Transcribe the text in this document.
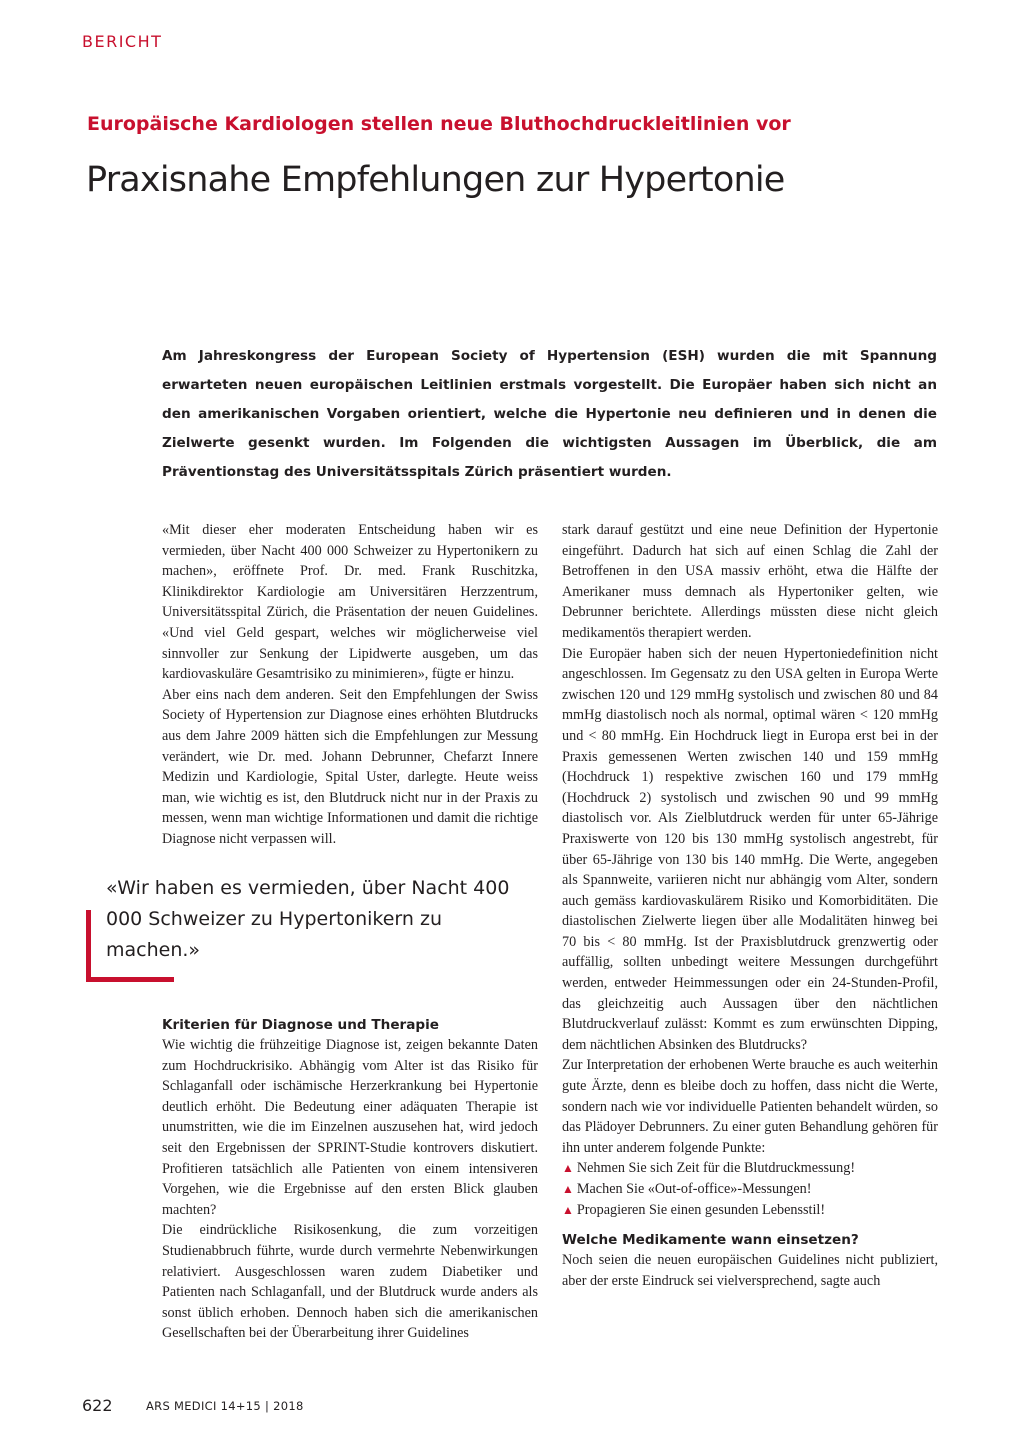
BERICHT
Europäische Kardiologen stellen neue Bluthochdruckleitlinien vor
Praxisnahe Empfehlungen zur Hypertonie

Am Jahreskongress der European Society of Hypertension (ESH) wurden die mit Spannung erwarteten neuen europäischen Leitlinien erstmals vorgestellt. Die Europäer haben sich nicht an den amerikanischen Vorgaben orientiert, welche die Hypertonie neu definieren und in denen die Zielwerte gesenkt wurden. Im Folgenden die wichtigsten Aussagen im Überblick, die am Präventionstag des Universitätsspitals Zürich präsentiert wurden.

«Mit dieser eher moderaten Entscheidung haben wir es vermieden, über Nacht 400 000 Schweizer zu Hypertonikern zu machen», eröffnete Prof. Dr. med. Frank Ruschitzka, Klinikdirektor Kardiologie am Universitären Herzzentrum, Universitätsspital Zürich, die Präsentation der neuen Guidelines. «Und viel Geld gespart, welches wir möglicherweise viel sinnvoller zur Senkung der Lipidwerte ausgeben, um das kardiovaskuläre Gesamtrisiko zu minimieren», fügte er hinzu.

Aber eins nach dem anderen. Seit den Empfehlungen der Swiss Society of Hypertension zur Diagnose eines erhöhten Blutdrucks aus dem Jahre 2009 hätten sich die Empfehlungen zur Messung verändert, wie Dr. med. Johann Debrunner, Chefarzt Innere Medizin und Kardiologie, Spital Uster, darlegte. Heute weiss man, wie wichtig es ist, den Blutdruck nicht nur in der Praxis zu messen, wenn man wichtige Informationen und damit die richtige Diagnose nicht verpassen will.

«Wir haben es vermieden, über Nacht 400 000 Schweizer zu Hypertonikern zu machen.»

Kriterien für Diagnose und Therapie

Wie wichtig die frühzeitige Diagnose ist, zeigen bekannte Daten zum Hochdruckrisiko. Abhängig vom Alter ist das Risiko für Schlaganfall oder ischämische Herzerkrankung bei Hypertonie deutlich erhöht. Die Bedeutung einer adäquaten Therapie ist unumstritten, wie die im Einzelnen auszusehen hat, wird jedoch seit den Ergebnissen der SPRINT-Studie kontrovers diskutiert. Profitieren tatsächlich alle Patienten von einem intensiveren Vorgehen, wie die Ergebnisse auf den ersten Blick glauben machten?

Die eindrückliche Risikosenkung, die zum vorzeitigen Studienabbruch führte, wurde durch vermehrte Nebenwirkungen relativiert. Ausgeschlossen waren zudem Diabetiker und Patienten nach Schlaganfall, und der Blutdruck wurde anders als sonst üblich erhoben. Dennoch haben sich die amerikanischen Gesellschaften bei der Überarbeitung ihrer Guidelines

stark darauf gestützt und eine neue Definition der Hypertonie eingeführt. Dadurch hat sich auf einen Schlag die Zahl der Betroffenen in den USA massiv erhöht, etwa die Hälfte der Amerikaner muss demnach als Hypertoniker gelten, wie Debrunner berichtete. Allerdings müssten diese nicht gleich medikamentös therapiert werden.

Die Europäer haben sich der neuen Hypertoniedefinition nicht angeschlossen. Im Gegensatz zu den USA gelten in Europa Werte zwischen 120 und 129 mmHg systolisch und zwischen 80 und 84 mmHg diastolisch noch als normal, optimal wären < 120 mmHg und < 80 mmHg. Ein Hochdruck liegt in Europa erst bei in der Praxis gemessenen Werten zwischen 140 und 159 mmHg (Hochdruck 1) respektive zwischen 160 und 179 mmHg (Hochdruck 2) systolisch und zwischen 90 und 99 mmHg diastolisch vor. Als Zielblutdruck werden für unter 65-Jährige Praxiswerte von 120 bis 130 mmHg systolisch angestrebt, für über 65-Jährige von 130 bis 140 mmHg. Die Werte, angegeben als Spannweite, variieren nicht nur abhängig vom Alter, sondern auch gemäss kardiovaskulärem Risiko und Komorbiditäten. Die diastolischen Zielwerte liegen über alle Modalitäten hinweg bei 70 bis < 80 mmHg. Ist der Praxisblutdruck grenzwertig oder auffällig, sollten unbedingt weitere Messungen durchgeführt werden, entweder Heimmessungen oder ein 24-Stunden-Profil, das gleichzeitig auch Aussagen über den nächtlichen Blutdruckverlauf zulässt: Kommt es zum erwünschten Dipping, dem nächtlichen Absinken des Blutdrucks?

Zur Interpretation der erhobenen Werte brauche es auch weiterhin gute Ärzte, denn es bleibe doch zu hoffen, dass nicht die Werte, sondern nach wie vor individuelle Patienten behandelt würden, so das Plädoyer Debrunners. Zu einer guten Behandlung gehören für ihn unter anderem folgende Punkte:

▲ Nehmen Sie sich Zeit für die Blutdruckmessung!
▲ Machen Sie «Out-of-office»-Messungen!
▲ Propagieren Sie einen gesunden Lebensstil!
Welche Medikamente wann einsetzen?

Noch seien die neuen europäischen Guidelines nicht publiziert, aber der erste Eindruck sei vielversprechend, sagte auch

622	ARS MEDICI 14+15 | 2018
